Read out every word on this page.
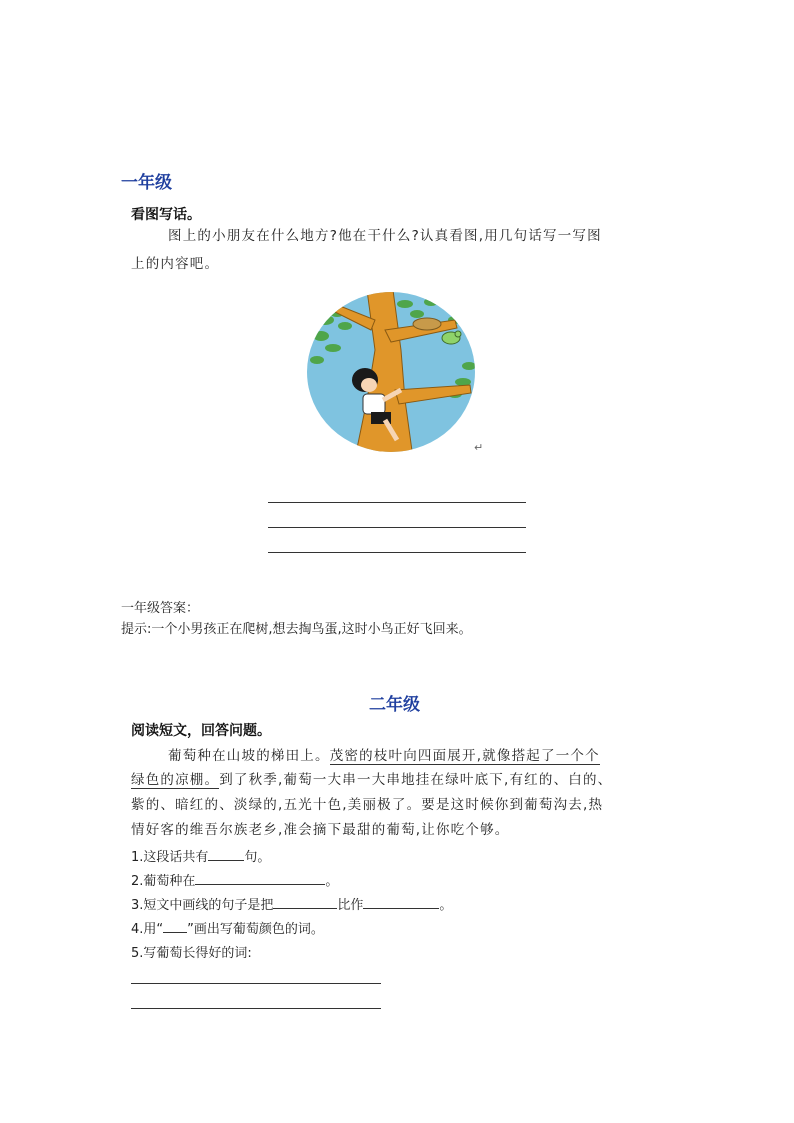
一年级
看图写话。
图上的小朋友在什么地方?他在干什么?认真看图,用几句话写一写图
上的内容吧。
↵
一年级答案：
提示:一个小男孩正在爬树,想去掏鸟蛋,这时小鸟正好飞回来。
二年级
阅读短文，回答问题。
葡萄种在山坡的梯田上。茂密的枝叶向四面展开,就像搭起了一个个
绿色的凉棚。到了秋季,葡萄一大串一大串地挂在绿叶底下,有红的、白的、
紫的、暗红的、淡绿的,五光十色,美丽极了。要是这时候你到葡萄沟去,热
情好客的维吾尔族老乡,准会摘下最甜的葡萄,让你吃个够。
1.这段话共有	句。
2.葡萄种在	。
3.短文中画线的句子是把	比作	。
4.用“ ”画出写葡萄颜色的词。
5.写葡萄长得好的词:
